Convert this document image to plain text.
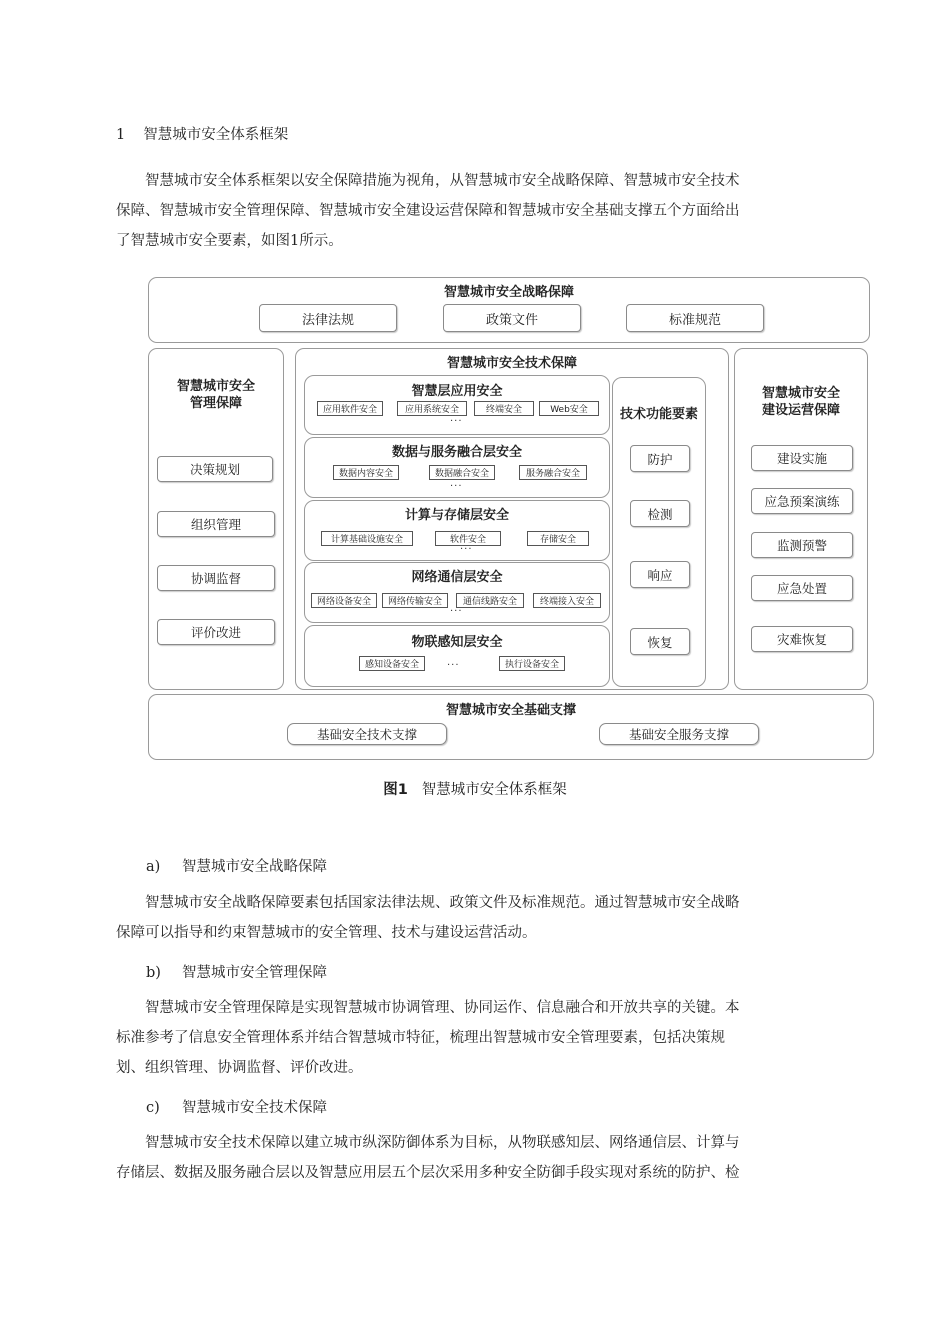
1 智慧城市安全体系框架
智慧城市安全体系框架以安全保障措施为视角，从智慧城市安全战略保障、智慧城市安全技术
保障、智慧城市安全管理保障、智慧城市安全建设运营保障和智慧城市安全基础支撑五个方面给出
了智慧城市安全要素，如图1所示。
智慧城市安全战略保障
法律法规	政策文件	标准规范
智慧城市安全
管理保障
决策规划
组织管理
协调监督
评价改进
智慧城市安全技术保障
智慧层应用安全
应用软件安全	应用系统安全	终端安全	Web安全
···
数据与服务融合层安全
数据内容安全	数据融合安全	服务融合安全
···
计算与存储层安全
计算基础设施安全	软件安全	存储安全
···
网络通信层安全
网络设备安全	网络传输安全	通信线路安全	终端接入安全
···
物联感知层安全
感知设备安全	执行设备安全
···
技术功能要素
防护
检测
响应
恢复
智慧城市安全
建设运营保障
建设实施
应急预案演练
监测预警
应急处置
灾难恢复
智慧城市安全基础支撑
基础安全技术支撑	基础安全服务支撑
图1 智慧城市安全体系框架
a) 智慧城市安全战略保障
智慧城市安全战略保障要素包括国家法律法规、政策文件及标准规范。通过智慧城市安全战略
保障可以指导和约束智慧城市的安全管理、技术与建设运营活动。
b) 智慧城市安全管理保障
智慧城市安全管理保障是实现智慧城市协调管理、协同运作、信息融合和开放共享的关键。本
标准参考了信息安全管理体系并结合智慧城市特征，梳理出智慧城市安全管理要素，包括决策规
划、组织管理、协调监督、评价改进。
c) 智慧城市安全技术保障
智慧城市安全技术保障以建立城市纵深防御体系为目标，从物联感知层、网络通信层、计算与
存储层、数据及服务融合层以及智慧应用层五个层次采用多种安全防御手段实现对系统的防护、检
